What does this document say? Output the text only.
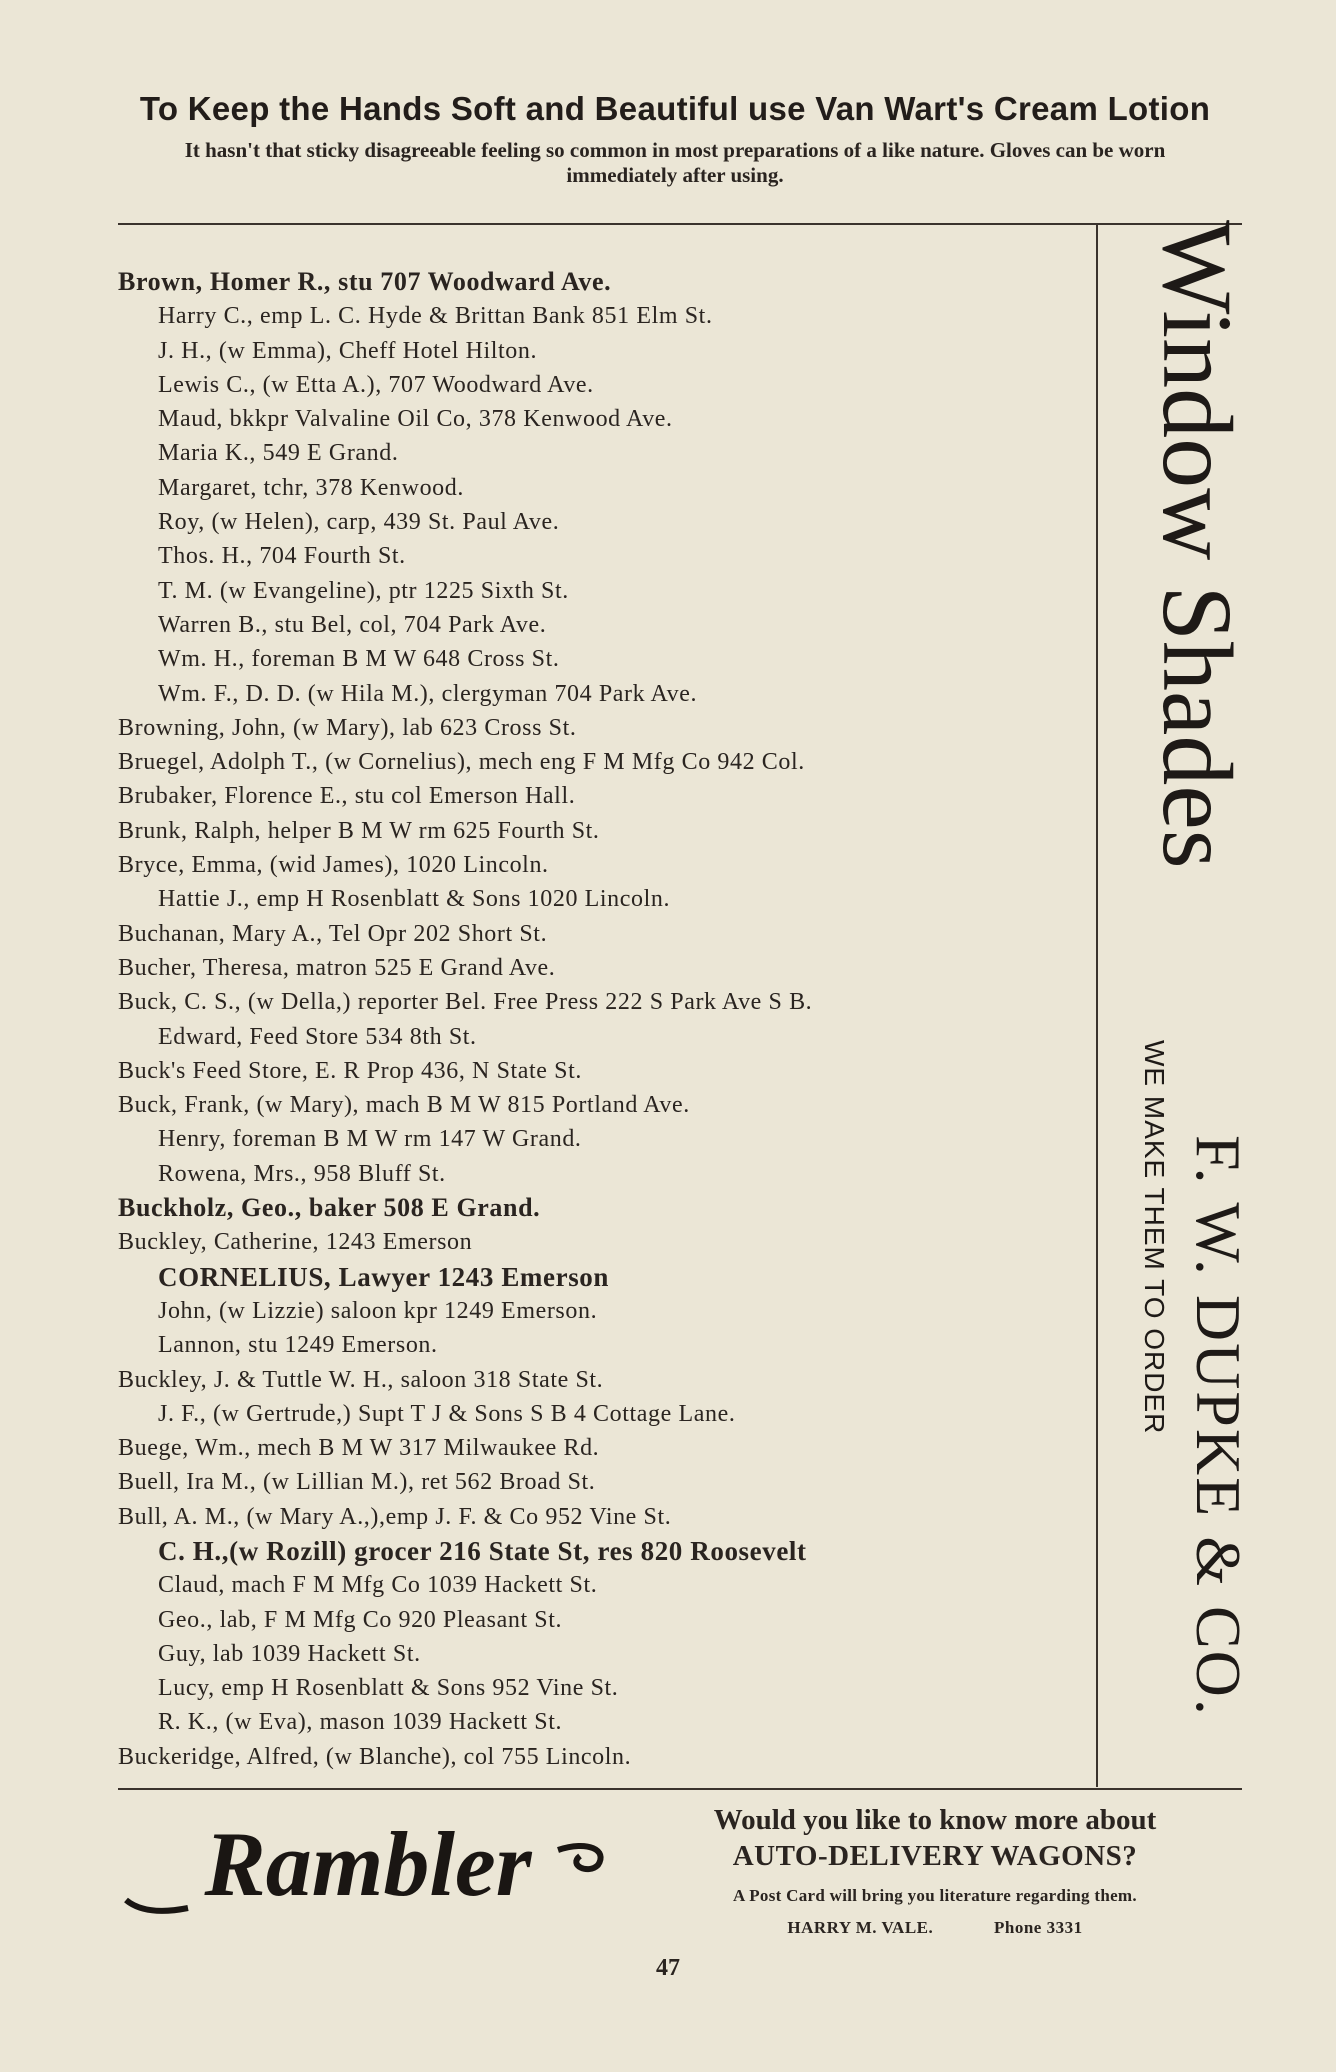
To Keep the Hands Soft and Beautiful use Van Wart's Cream Lotion
It hasn't that sticky disagreeable feeling so common in most preparations of a like nature. Gloves can be worn immediately after using.
Brown, Homer R., stu 707 Woodward Ave.
Harry C., emp L. C. Hyde & Brittan Bank 851 Elm St.
J. H., (w Emma), Cheff Hotel Hilton.
Lewis C., (w Etta A.), 707 Woodward Ave.
Maud, bkkpr Valvaline Oil Co, 378 Kenwood Ave.
Maria K., 549 E Grand.
Margaret, tchr, 378 Kenwood.
Roy, (w Helen), carp, 439 St. Paul Ave.
Thos. H., 704 Fourth St.
T. M. (w Evangeline), ptr 1225 Sixth St.
Warren B., stu Bel, col, 704 Park Ave.
Wm. H., foreman B M W 648 Cross St.
Wm. F., D. D. (w Hila M.), clergyman 704 Park Ave.
Browning, John, (w Mary), lab 623 Cross St.
Bruegel, Adolph T., (w Cornelius), mech eng F M Mfg Co 942 Col.
Brubaker, Florence E., stu col Emerson Hall.
Brunk, Ralph, helper B M W rm 625 Fourth St.
Bryce, Emma, (wid James), 1020 Lincoln.
Hattie J., emp H Rosenblatt & Sons 1020 Lincoln.
Buchanan, Mary A., Tel Opr 202 Short St.
Bucher, Theresa, matron 525 E Grand Ave.
Buck, C. S., (w Della,) reporter Bel. Free Press 222 S Park Ave S B.
Edward, Feed Store 534 8th St.
Buck's Feed Store, E. R Prop 436, N State St.
Buck, Frank, (w Mary), mach B M W 815 Portland Ave.
Henry, foreman B M W rm 147 W Grand.
Rowena, Mrs., 958 Bluff St.
Buckholz, Geo., baker 508 E Grand.
Buckley, Catherine, 1243 Emerson
CORNELIUS, Lawyer 1243 Emerson
John, (w Lizzie) saloon kpr 1249 Emerson.
Lannon, stu 1249 Emerson.
Buckley, J. & Tuttle W. H., saloon 318 State St.
J. F., (w Gertrude,) Supt T J & Sons S B 4 Cottage Lane.
Buege, Wm., mech B M W 317 Milwaukee Rd.
Buell, Ira M., (w Lillian M.), ret 562 Broad St.
Bull, A. M., (w Mary A.,),emp J. F. & Co 952 Vine St.
C. H.,(w Rozill) grocer 216 State St, res 820 Roosevelt
Claud, mach F M Mfg Co 1039 Hackett St.
Geo., lab, F M Mfg Co 920 Pleasant St.
Guy, lab 1039 Hackett St.
Lucy, emp H Rosenblatt & Sons 952 Vine St.
R. K., (w Eva), mason 1039 Hackett St.
Buckeridge, Alfred, (w Blanche), col 755 Lincoln.
Window Shades
WE MAKE THEM TO ORDER F. W. DUPKE & CO.
Rambler	Would you like to know more about
AUTO-DELIVERY WAGONS?
A Post Card will bring you literature regarding them.
HARRY M. VALE.	Phone 3331
47
